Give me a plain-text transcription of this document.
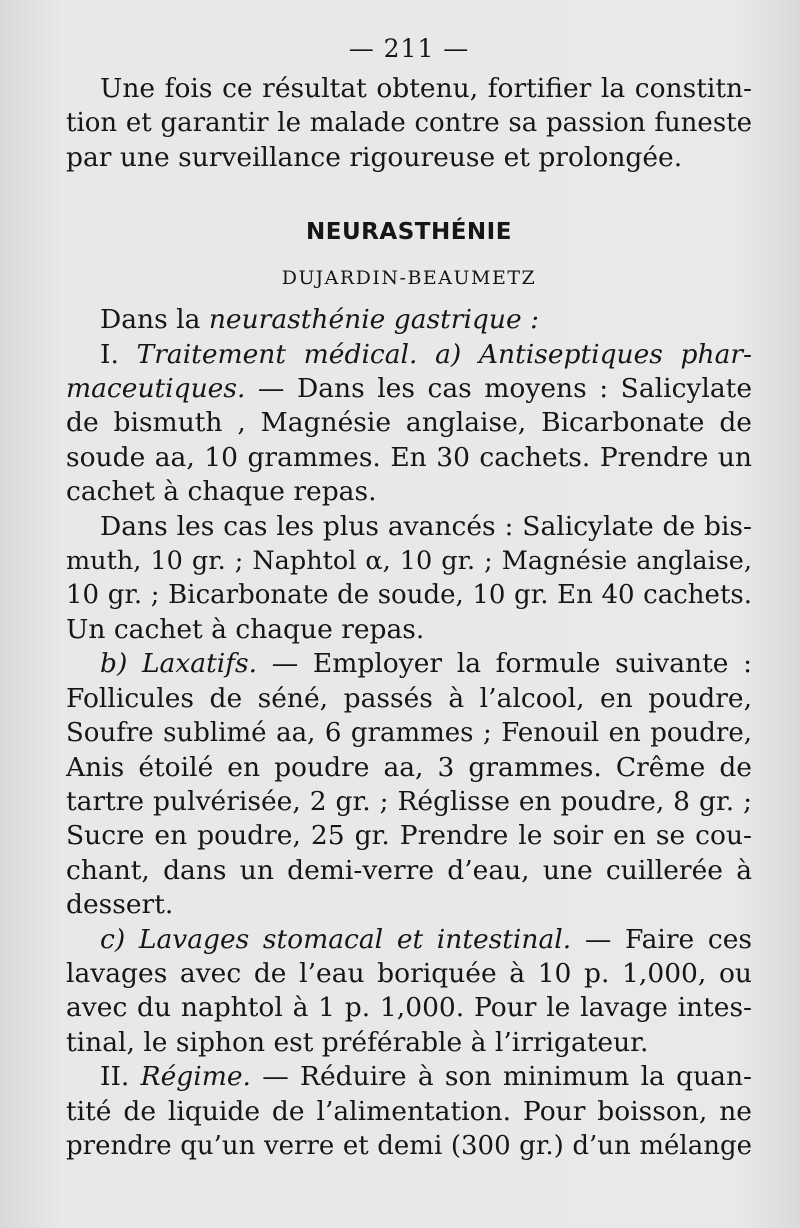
— 211 —

Une fois ce résultat obtenu, fortifier la constitn-

tion et garantir le malade contre sa passion funeste

par une surveillance rigoureuse et prolongée.

NEURASTHÉNIE
DUJARDIN-BEAUMETZ

Dans la neurasthénie gastrique :

I. Traitement médical. a) Antiseptiques phar-

maceutiques. — Dans les cas moyens : Salicylate

de bismuth , Magnésie anglaise, Bicarbonate de

soude aa, 10 grammes. En 30 cachets. Prendre un

cachet à chaque repas.

Dans les cas les plus avancés : Salicylate de bis-

muth, 10 gr. ; Naphtol α, 10 gr. ; Magnésie anglaise,

10 gr. ; Bicarbonate de soude, 10 gr. En 40 cachets.

Un cachet à chaque repas.

b) Laxatifs. — Employer la formule suivante :

Follicules de séné, passés à l’alcool, en poudre,

Soufre sublimé aa, 6 grammes ; Fenouil en poudre,

Anis étoilé en poudre aa, 3 grammes. Crême de

tartre pulvérisée, 2 gr. ; Réglisse en poudre, 8 gr. ;

Sucre en poudre, 25 gr. Prendre le soir en se cou-

chant, dans un demi-verre d’eau, une cuillerée à

dessert.

c) Lavages stomacal et intestinal. — Faire ces

lavages avec de l’eau boriquée à 10 p. 1,000, ou

avec du naphtol à 1 p. 1,000. Pour le lavage intes-

tinal, le siphon est préférable à l’irrigateur.

II. Régime. — Réduire à son minimum la quan-

tité de liquide de l’alimentation. Pour boisson, ne

prendre qu’un verre et demi (300 gr.) d’un mélange
